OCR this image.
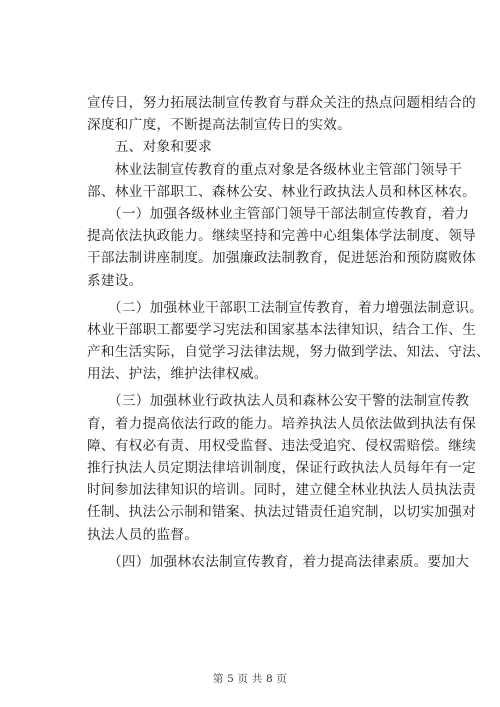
宣传日，努力拓展法制宣传教育与群众关注的热点问题相结合的
深度和广度，不断提高法制宣传日的实效。
　　五、对象和要求
　　林业法制宣传教育的重点对象是各级林业主管部门领导干
部、林业干部职工、森林公安、林业行政执法人员和林区林农。
　　（一）加强各级林业主管部门领导干部法制宣传教育，着力
提高依法执政能力。继续坚持和完善中心组集体学法制度、领导
干部法制讲座制度。加强廉政法制教育，促进惩治和预防腐败体
系建设。
　　（二）加强林业干部职工法制宣传教育，着力增强法制意识。
林业干部职工都要学习宪法和国家基本法律知识，结合工作、生
产和生活实际，自觉学习法律法规，努力做到学法、知法、守法、
用法、护法，维护法律权威。
　　（三）加强林业行政执法人员和森林公安干警的法制宣传教
育，着力提高依法行政的能力。培养执法人员依法做到执法有保
障、有权必有责、用权受监督、违法受追究、侵权需赔偿。继续
推行执法人员定期法律培训制度，保证行政执法人员每年有一定
时间参加法律知识的培训。同时，建立健全林业执法人员执法责
任制、执法公示制和错案、执法过错责任追究制，以切实加强对
执法人员的监督。
　　（四）加强林农法制宣传教育，着力提高法律素质。要加大
第 5 页 共 8 页
